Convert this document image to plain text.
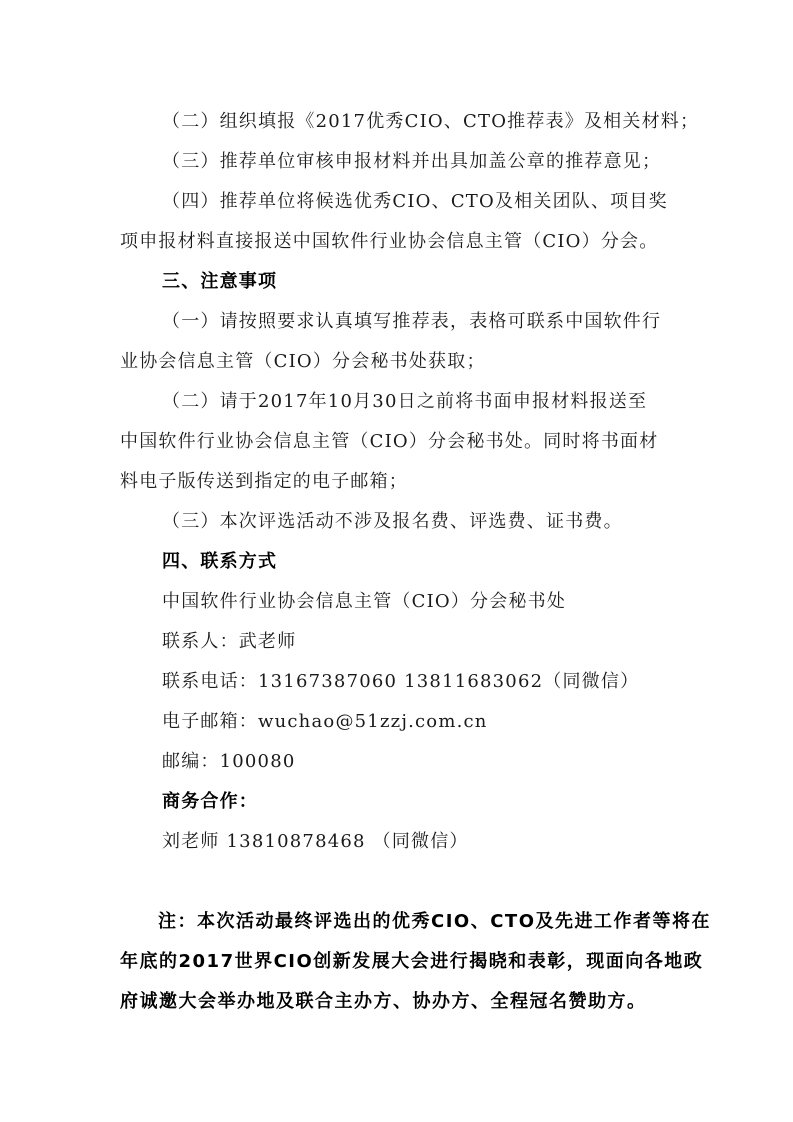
（二）组织填报《2017优秀CIO、CTO推荐表》及相关材料；
（三）推荐单位审核申报材料并出具加盖公章的推荐意见；
（四）推荐单位将候选优秀CIO、CTO及相关团队、项目奖
项申报材料直接报送中国软件行业协会信息主管（CIO）分会。
三、注意事项
（一）请按照要求认真填写推荐表，表格可联系中国软件行
业协会信息主管（CIO）分会秘书处获取；
（二）请于2017年10月30日之前将书面申报材料报送至
中国软件行业协会信息主管（CIO）分会秘书处。同时将书面材
料电子版传送到指定的电子邮箱；
（三）本次评选活动不涉及报名费、评选费、证书费。
四、联系方式
中国软件行业协会信息主管（CIO）分会秘书处
联系人：武老师
联系电话：13167387060 13811683062（同微信）
电子邮箱：wuchao@51zzj.com.cn
邮编：100080
商务合作：
刘老师 13810878468 （同微信）
注：本次活动最终评选出的优秀CIO、CTO及先进工作者等将在
年底的2017世界CIO创新发展大会进行揭晓和表彰，现面向各地政
府诚邀大会举办地及联合主办方、协办方、全程冠名赞助方。
